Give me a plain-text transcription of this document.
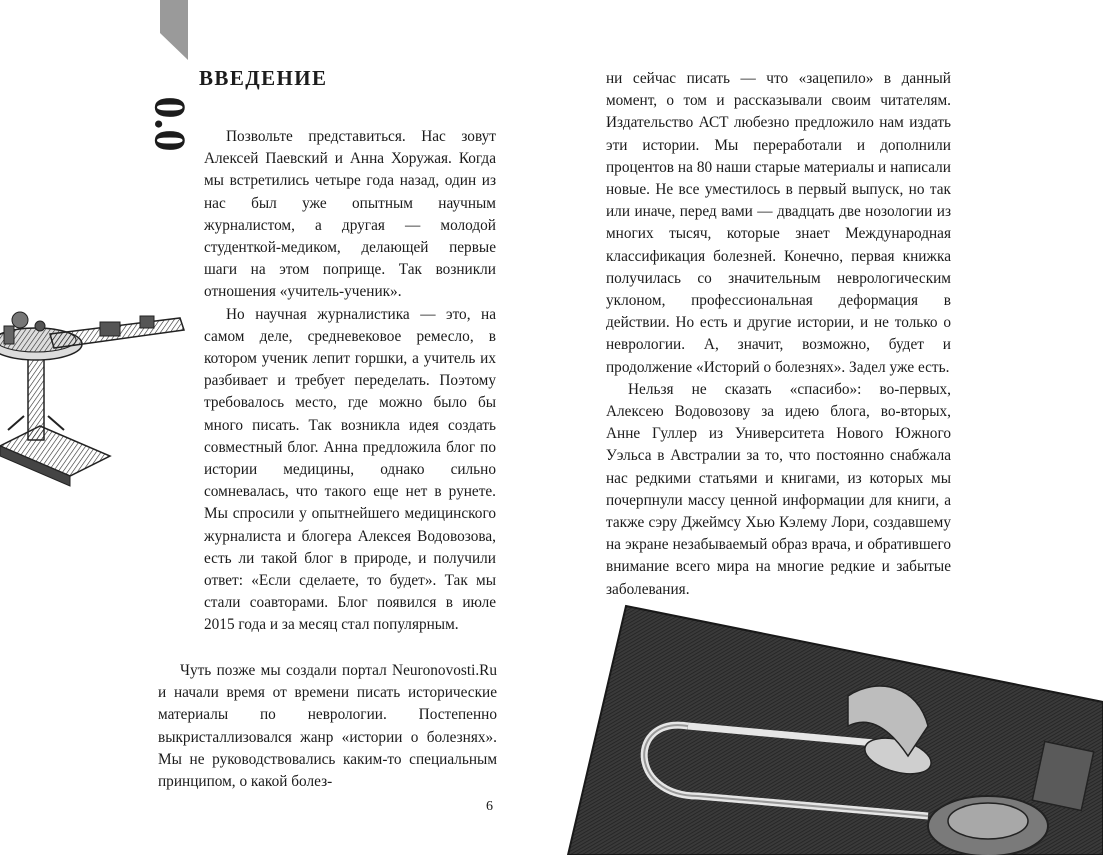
0.0
ВВЕДЕНИЕ

Позвольте представиться. Нас зовут Алексей Паевский и Анна Хоружая. Когда мы встретились четыре года назад, один из нас был уже опытным научным журналистом, а другая — молодой студенткой-медиком, делающей первые шаги на этом поприще. Так возникли отношения «учитель-ученик».

Но научная журналистика — это, на самом деле, средневековое ремесло, в котором ученик лепит горшки, а учитель их разбивает и требует переделать. Поэтому требовалось место, где можно было бы много писать. Так возникла идея создать совместный блог. Анна предложила блог по истории медицины, однако сильно сомневалась, что такого еще нет в рунете. Мы спросили у опытнейшего медицинского журналиста и блогера Алексея Водовозова, есть ли такой блог в природе, и получили ответ: «Если сделаете, то будет». Так мы стали соавторами. Блог появился в июле 2015 года и за месяц стал популярным.

Чуть позже мы создали портал Neuronovosti.Ru и начали время от времени писать исторические материалы по неврологии. Постепенно выкристаллизовался жанр «истории о болезнях». Мы не руководствовались каким-то специальным принципом, о какой болез-

ни сейчас писать — что «зацепило» в данный момент, о том и рассказывали своим читателям. Издательство АСТ любезно предложило нам издать эти истории. Мы переработали и дополнили процентов на 80 наши старые материалы и написали новые. Не все уместилось в первый выпуск, но так или иначе, перед вами — двадцать две нозологии из многих тысяч, которые знает Международная классификация болезней. Конечно, первая книжка получилась со значительным неврологическим уклоном, профессиональная деформация в действии. Но есть и другие истории, и не только о неврологии. А, значит, возможно, будет и продолжение «Историй о болезнях». Задел уже есть.

Нельзя не сказать «спасибо»: во-первых, Алексею Водовозову за идею блога, во-вторых, Анне Гуллер из Университета Нового Южного Уэльса в Австралии за то, что постоянно снабжала нас редкими статьями и книгами, из которых мы почерпнули массу ценной информации для книги, а также сэру Джеймсу Хью Кэлему Лори, создавшему на экране незабываемый образ врача, и обратившего внимание всего мира на многие редкие и забытые заболевания.

6
